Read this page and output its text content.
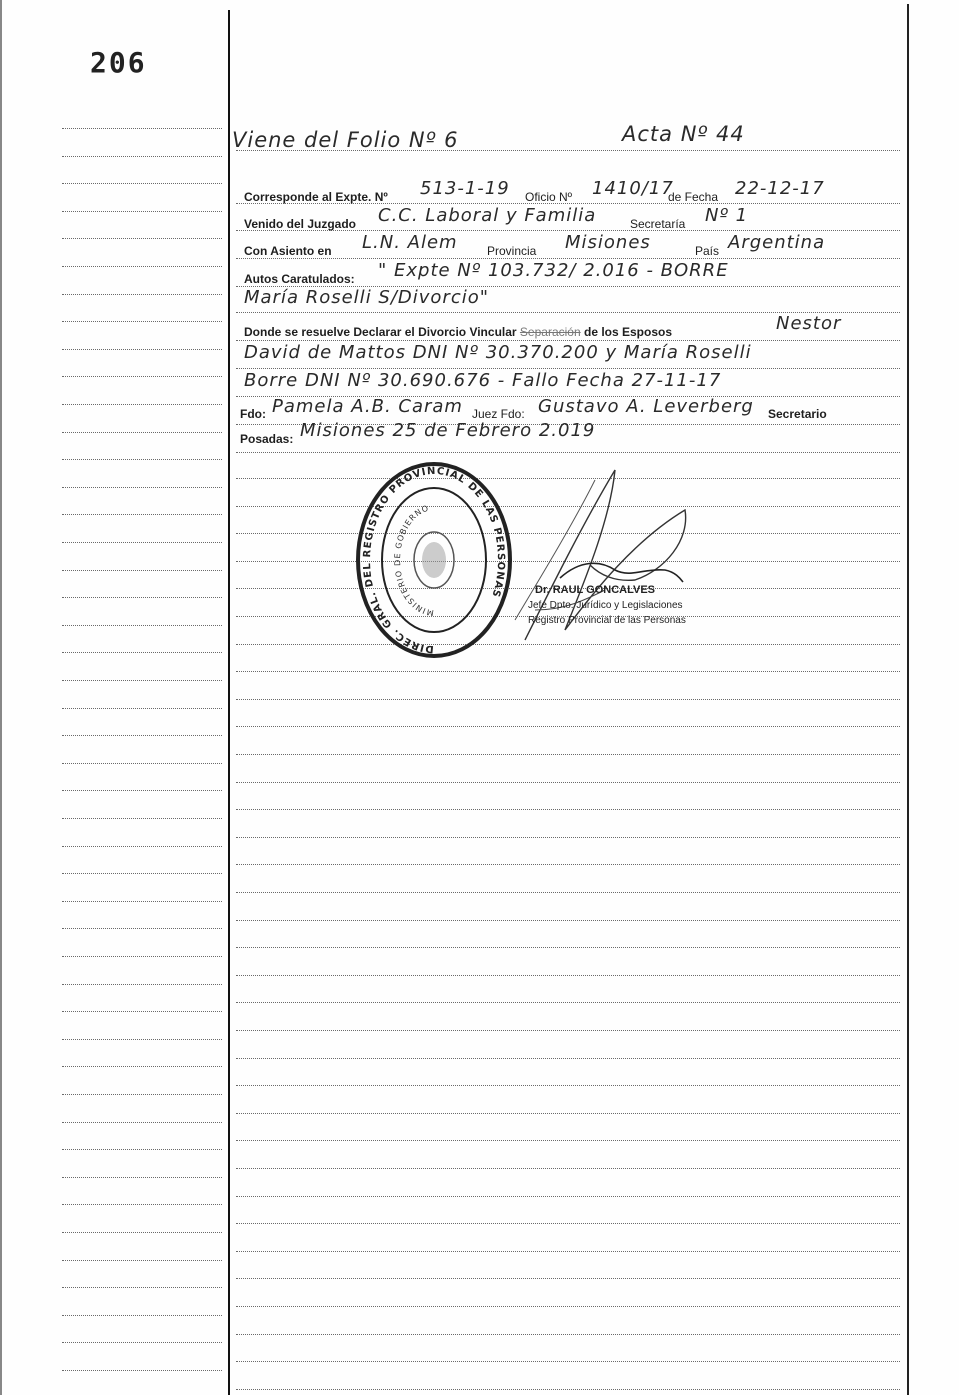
206
Viene del Folio Nº 6	Acta Nº 44
Corresponde al Expte. Nº 513-1-19 Oficio Nº 1410/17
de Fecha 22-12-17
Venido del Juzgado C.C. Laboral y Familia	Secretaría Nº 1
Con Asiento en L.N. Alem Provincia Misiones	País Argentina
Autos Caratulados: " Expte Nº 103.732/ 2.016 - BORRE
María Roselli S/Divorcio"
Donde se resuelve Declarar el Divorcio Vincular Separación de los Esposos	Nestor
David de Mattos DNI Nº 30.370.200 y María Roselli
Borre DNI Nº 30.690.676 - Fallo Fecha 27-11-17
Fdo: Pamela A.B. Caram Juez Fdo: Gustavo A. Leverberg Secretario
Posadas: Misiones 25 de Febrero 2.019
DIREC. GRAL. DEL REGISTRO PROVINCIAL DE LAS PERSONAS
MINISTERIO DE GOBIERNO
Dr. RAUL GONCALVES
Jefe Dpto. Jurídico y Legislaciones
Registro Provincial de las Personas
